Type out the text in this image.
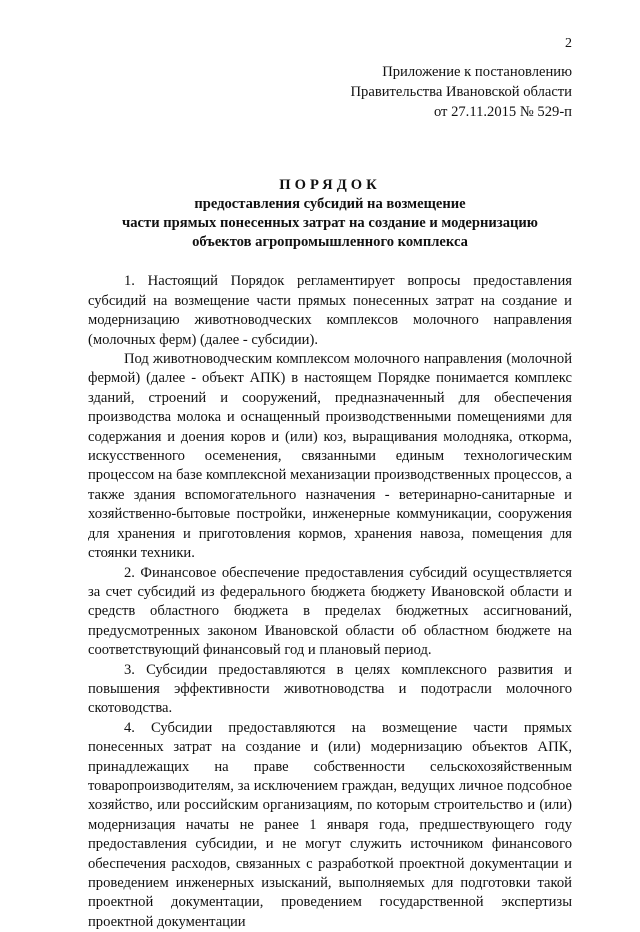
2
Приложение к постановлению
Правительства Ивановской области
от 27.11.2015 № 529-п
ПОРЯДОК
предоставления субсидий на возмещение
части прямых понесенных затрат на создание и модернизацию
объектов агропромышленного комплекса

1. Настоящий Порядок регламентирует вопросы предоставления субсидий на возмещение части прямых понесенных затрат на создание и модернизацию животноводческих комплексов молочного направления (молочных ферм) (далее - субсидии).

Под животноводческим комплексом молочного направления (молочной фермой) (далее - объект АПК) в настоящем Порядке понимается комплекс зданий, строений и сооружений, предназначенный для обеспечения производства молока и оснащенный производственными помещениями для содержания и доения коров и (или) коз, выращивания молодняка, откорма, искусственного осеменения, связанными единым технологическим процессом на базе комплексной механизации производственных процессов, а также здания вспомогательного назначения - ветеринарно-санитарные и хозяйственно-бытовые постройки, инженерные коммуникации, сооружения для хранения и приготовления кормов, хранения навоза, помещения для стоянки техники.

2. Финансовое обеспечение предоставления субсидий осуществляется за счет субсидий из федерального бюджета бюджету Ивановской области и средств областного бюджета в пределах бюджетных ассигнований, предусмотренных законом Ивановской области об областном бюджете на соответствующий финансовый год и плановый период.

3. Субсидии предоставляются в целях комплексного развития и повышения эффективности животноводства и подотрасли молочного скотоводства.

4. Субсидии предоставляются на возмещение части прямых понесенных затрат на создание и (или) модернизацию объектов АПК, принадлежащих на праве собственности сельскохозяйственным товаропроизводителям, за исключением граждан, ведущих личное подсобное хозяйство, или российским организациям, по которым строительство и (или) модернизация начаты не ранее 1 января года, предшествующего году предоставления субсидии, и не могут служить источником финансового обеспечения расходов, связанных с разработкой проектной документации и проведением инженерных изысканий, выполняемых для подготовки такой проектной документации, проведением государственной экспертизы проектной документации
